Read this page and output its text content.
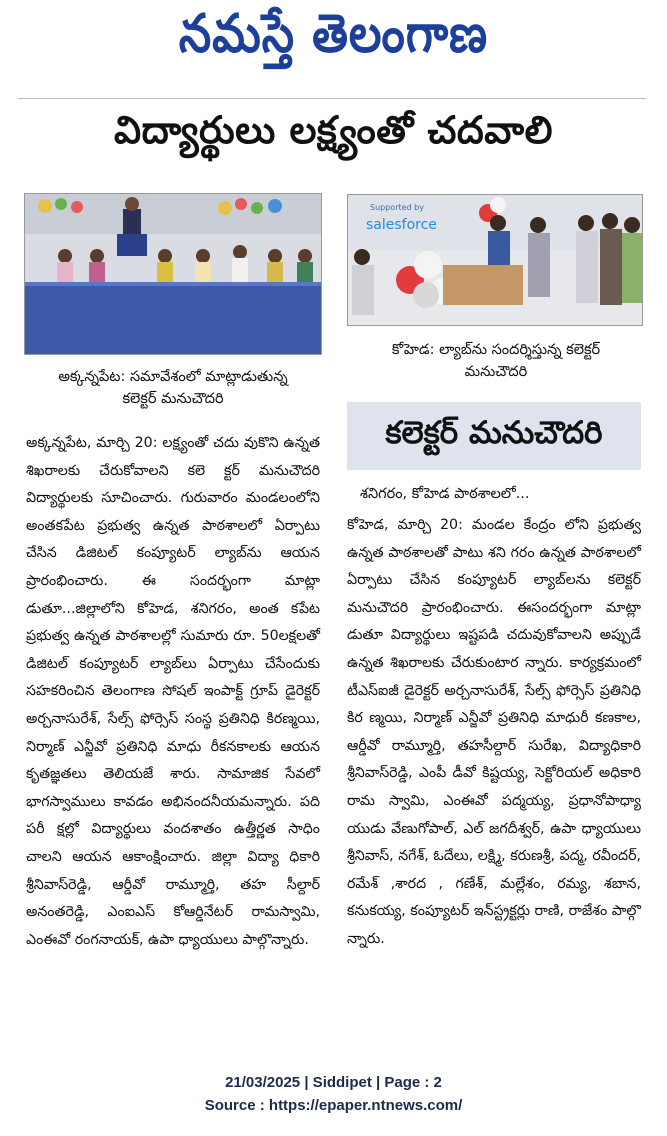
నమస్తే తెలంగాణ
విద్యార్థులు లక్ష్యంతో చదవాలి
అక్కన్నపేట: సమావేశంలో మాట్లాడుతున్న కలెక్టర్ మనుచౌదరి
Supported by
salesforce
కోహెడ: ల్యాబ్‌ను సందర్శిస్తున్న కలెక్టర్ మనుచౌదరి
కలెక్టర్ మనుచౌదరి
అక్కన్నపేట, మార్చి 20: లక్ష్యంతో చదు వుకొని ఉన్నత శిఖరాలకు చేరుకోవాలని కలె క్టర్ మనుచౌదరి విద్యార్థులకు సూచించారు. గురువారం మండలంలోని అంతకపేట ప్రభుత్వ ఉన్నత పాఠశాలలో ఏర్పాటు చేసిన డిజిటల్ కంప్యూటర్ ల్యాబ్‌ను ఆయన ప్రారంభించారు. ఈ సందర్భంగా మాట్లా డుతూ...జిల్లాలోని కోహెడ, శనిగరం, అంత కపేట ప్రభుత్వ ఉన్నత పాఠశాలల్లో సుమారు రూ. 50లక్షలతో డిజిటల్ కంప్యూటర్ ల్యాబ్‌లు ఏర్పాటు చేసేందుకు సహకరించిన తెలంగాణ సోషల్ ఇంపాక్ట్ గ్రూప్ డైరెక్టర్ అర్చనాసురేశ్, సేల్స్ ఫోర్సెస్ సంస్థ ప్రతినిధి కిరణ్మయి, నిర్మాణ్ ఎన్జీవో ప్రతినిధి మాధు రీకనకాలకు ఆయన కృతజ్ఞతలు తెలియజే శారు. సామాజిక సేవలో భాగస్వాములు కావడం అభినందనీయమన్నారు. పది పరీ క్షల్లో విద్యార్థులు వందశాతం ఉత్తీర్ణత సాధిం చాలని ఆయన ఆకాంక్షించారు. జిల్లా విద్యా ధికారి శ్రీనివాస్‌రెడ్డి, ఆర్డీవో రామ్మూర్తి, తహ సీల్దార్ అనంతరెడ్డి, ఎంఐఎస్ కోఆర్డినేటర్ రామస్వామి, ఎంఈవో రంగనాయక్, ఉపా ధ్యాయులు పాల్గొన్నారు.
శనిగరం, కోహెడ పాఠశాలలో...
కోహెడ, మార్చి 20: మండల కేంద్రం లోని ప్రభుత్వ ఉన్నత పాఠశాలతో పాటు శని గరం ఉన్నత పాఠశాలలో ఏర్పాటు చేసిన కంప్యూటర్ ల్యాబ్‌లను కలెక్టర్ మనుచౌదరి ప్రారంభించారు. ఈసందర్భంగా మాట్లా డుతూ విద్యార్థులు ఇష్టపడి చదువుకోవాలని అప్పుడే ఉన్నత శిఖరాలకు చేరుకుంటార న్నారు. కార్యక్రమంలో టీఎస్ఐజీ డైరెక్టర్ అర్చనాసురేశ్, సేల్స్ ఫోర్సెస్ ప్రతినిధి కిర ణ్మయి, నిర్మాణ్ ఎన్జీవో ప్రతినిధి మాధురీ కణకాల, ఆర్డీవో రామ్మూర్తి, తహసీల్దార్ సురేఖ, విద్యాధికారి శ్రీనివాస్‌రెడ్డి, ఎంపీ డీవో కిష్టయ్య, సెక్టోరియల్ అధికారి రామ స్వామి, ఎంఈవో పద్మయ్య, ప్రధానోపాధ్యా యుడు వేణుగోపాల్, ఎల్ జగదీశ్వర్, ఉపా ధ్యాయులు శ్రీనివాస్, నగేశ్, ఓదేలు, లక్ష్మి, కరుణశ్రీ, పద్మ, రవీందర్, రమేశ్ ,శారద , గణేశ్, మల్లేశం, రమ్య, శబాన, కనుకయ్య, కంప్యూటర్ ఇన్‌స్ట్రక్టర్లు రాణి, రాజేశం పాల్గొ న్నారు.
21/03/2025 | Siddipet | Page : 2
Source : https://epaper.ntnews.com/
